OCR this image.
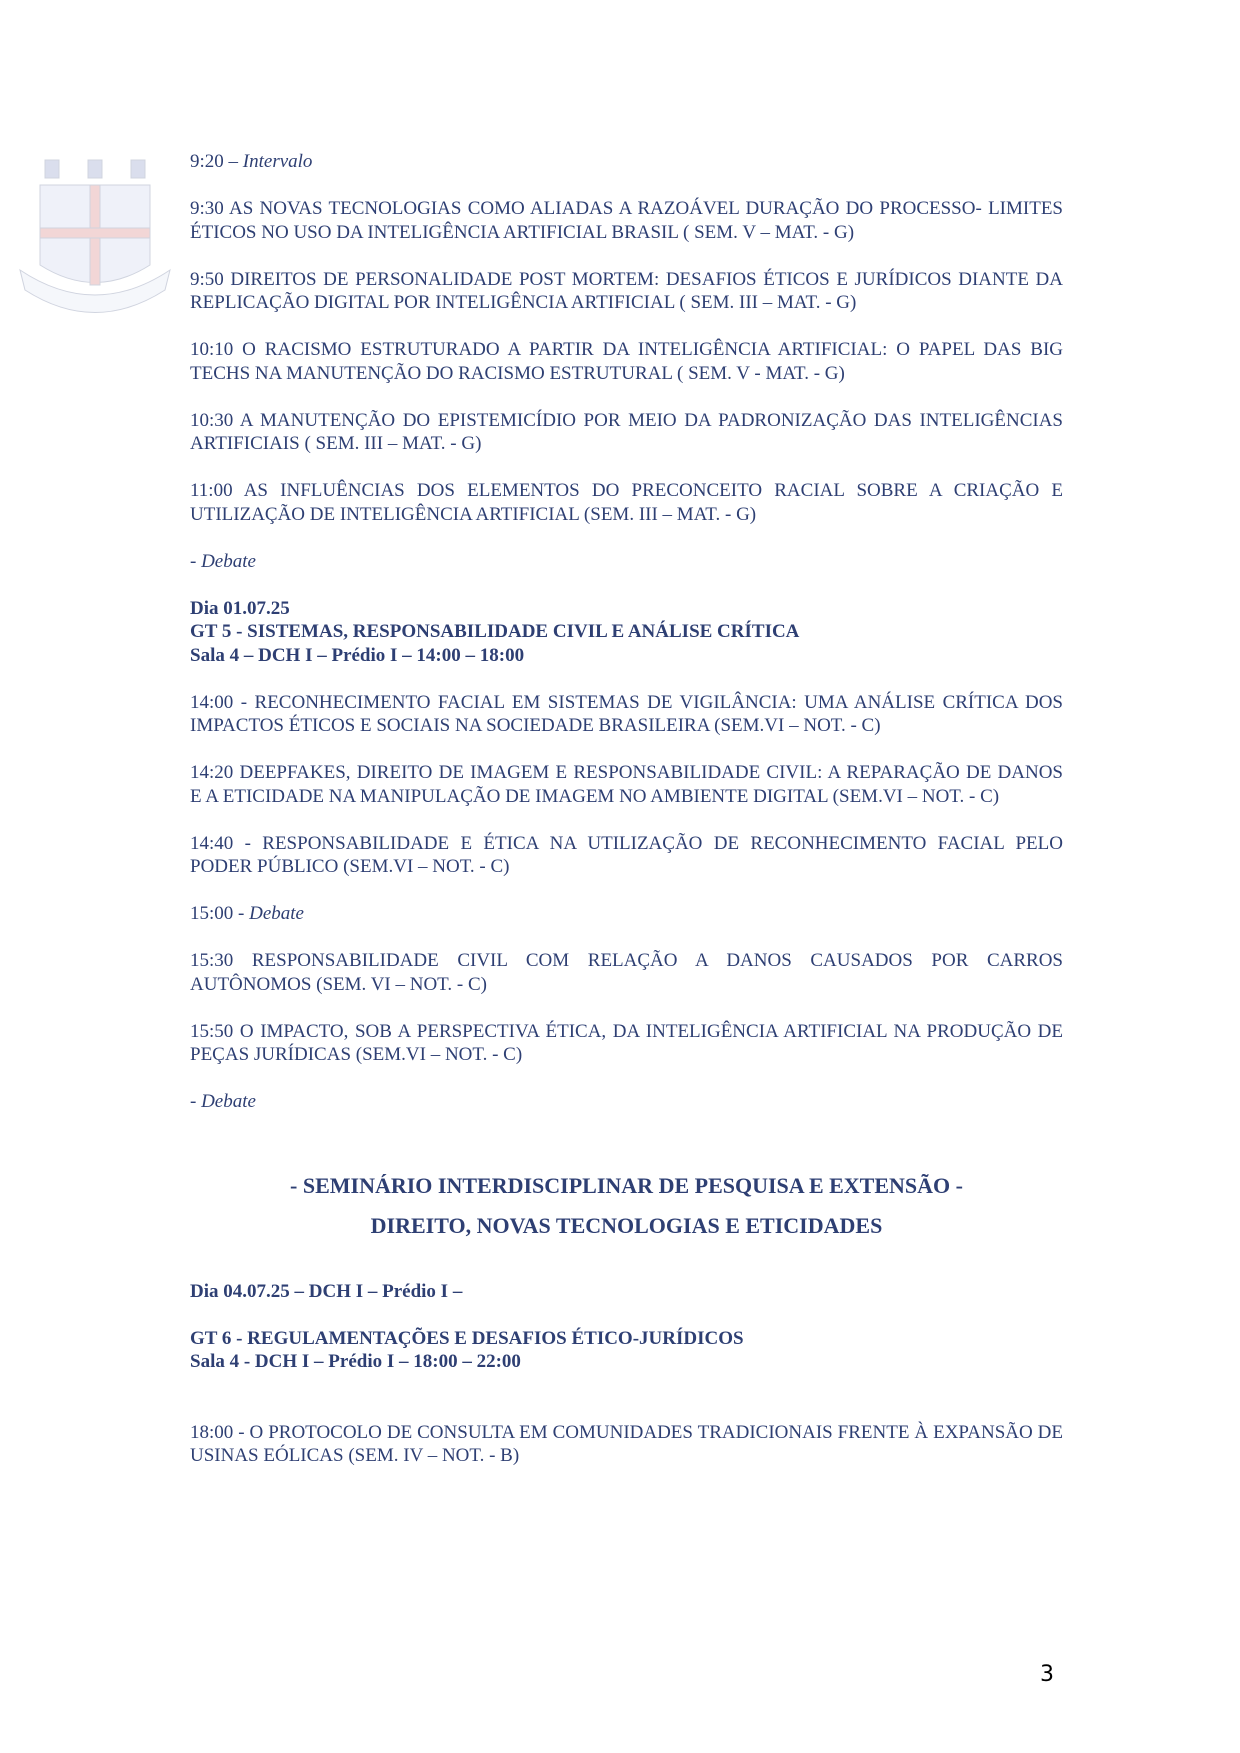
9:20 – Intervalo

9:30 AS NOVAS TECNOLOGIAS COMO ALIADAS A RAZOÁVEL DURAÇÃO DO PROCESSO- LIMITES ÉTICOS NO USO DA INTELIGÊNCIA ARTIFICIAL BRASIL ( SEM. V – MAT. - G)

9:50 DIREITOS DE PERSONALIDADE POST MORTEM: DESAFIOS ÉTICOS E JURÍDICOS DIANTE DA REPLICAÇÃO DIGITAL POR INTELIGÊNCIA ARTIFICIAL ( SEM. III – MAT. - G)

10:10 O RACISMO ESTRUTURADO A PARTIR DA INTELIGÊNCIA ARTIFICIAL: O PAPEL DAS BIG TECHS NA MANUTENÇÃO DO RACISMO ESTRUTURAL ( SEM. V - MAT. - G)

10:30 A MANUTENÇÃO DO EPISTEMICÍDIO POR MEIO DA PADRONIZAÇÃO DAS INTELIGÊNCIAS ARTIFICIAIS ( SEM. III – MAT. - G)

11:00 AS INFLUÊNCIAS DOS ELEMENTOS DO PRECONCEITO RACIAL SOBRE A CRIAÇÃO E UTILIZAÇÃO DE INTELIGÊNCIA ARTIFICIAL (SEM. III – MAT. - G)

- Debate

Dia 01.07.25

GT 5 - SISTEMAS, RESPONSABILIDADE CIVIL E ANÁLISE CRÍTICA

Sala 4 – DCH I – Prédio I – 14:00 – 18:00

14:00 - RECONHECIMENTO FACIAL EM SISTEMAS DE VIGILÂNCIA: UMA ANÁLISE CRÍTICA DOS IMPACTOS ÉTICOS E SOCIAIS NA SOCIEDADE BRASILEIRA (SEM.VI – NOT. - C)

14:20 DEEPFAKES, DIREITO DE IMAGEM E RESPONSABILIDADE CIVIL: A REPARAÇÃO DE DANOS E A ETICIDADE NA MANIPULAÇÃO DE IMAGEM NO AMBIENTE DIGITAL (SEM.VI – NOT. - C)

14:40 - RESPONSABILIDADE E ÉTICA NA UTILIZAÇÃO DE RECONHECIMENTO FACIAL PELO PODER PÚBLICO (SEM.VI – NOT. - C)

15:00 - Debate

15:30 RESPONSABILIDADE CIVIL COM RELAÇÃO A DANOS CAUSADOS POR CARROS AUTÔNOMOS (SEM. VI – NOT. - C)

15:50 O IMPACTO, SOB A PERSPECTIVA ÉTICA, DA INTELIGÊNCIA ARTIFICIAL NA PRODUÇÃO DE PEÇAS JURÍDICAS (SEM.VI – NOT. - C)

- Debate

- SEMINÁRIO INTERDISCIPLINAR DE PESQUISA E EXTENSÃO -

DIREITO, NOVAS TECNOLOGIAS E ETICIDADES

Dia 04.07.25 – DCH I – Prédio I –

GT 6 - REGULAMENTAÇÕES E DESAFIOS ÉTICO-JURÍDICOS

Sala 4 - DCH I – Prédio I – 18:00 – 22:00

18:00 - O PROTOCOLO DE CONSULTA EM COMUNIDADES TRADICIONAIS FRENTE À EXPANSÃO DE USINAS EÓLICAS (SEM. IV – NOT. - B)

3
